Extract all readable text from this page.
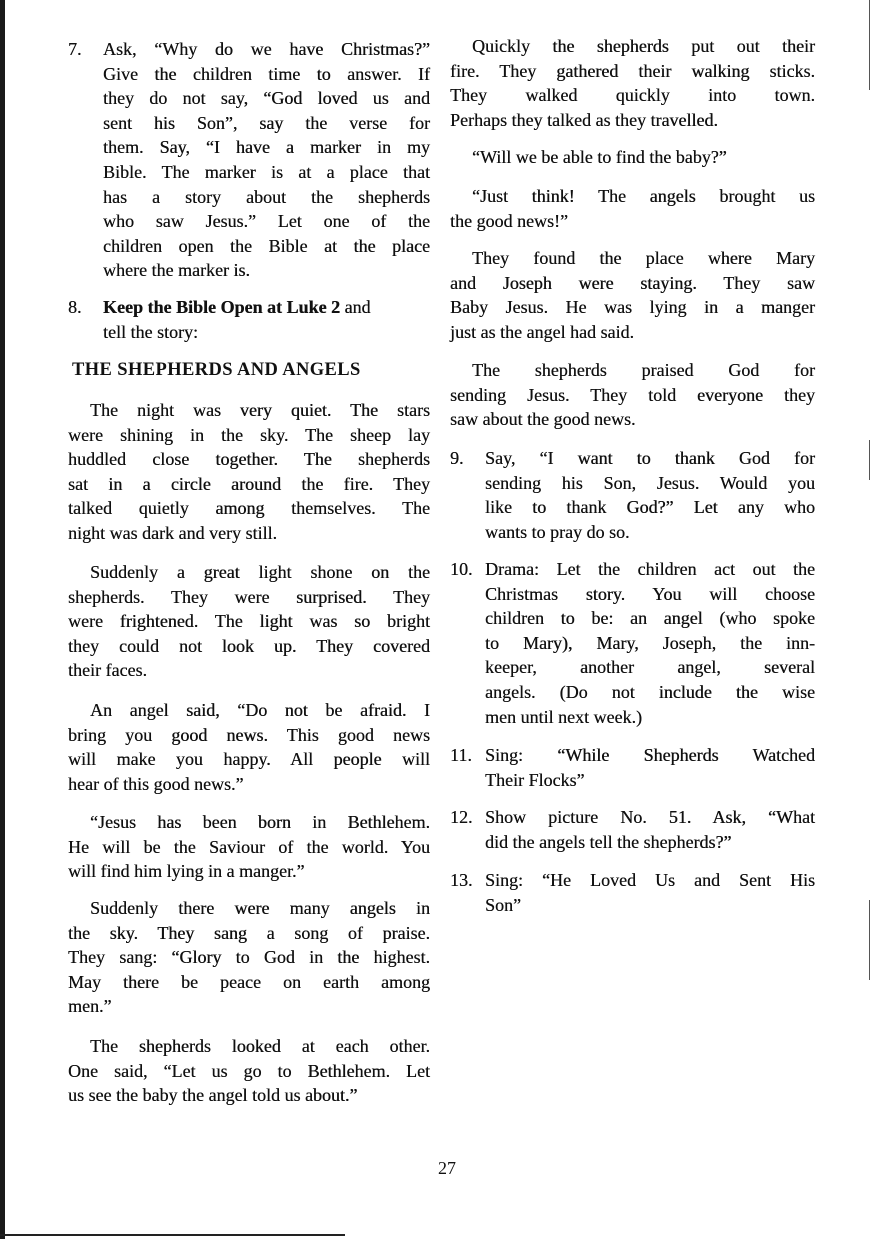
THE SHEPHERDS AND ANGELS
7. Ask, “Why do we have Christmas?”
Give the children time to answer. If
they do not say, “God loved us and
sent his Son”, say the verse for
them. Say, “I have a marker in my
Bible. The marker is at a place that
has a story about the shepherds
who saw Jesus.” Let one of the
children open the Bible at the place
where the marker is.
8. Keep the Bible Open at Luke 2 and
tell the story:
The night was very quiet. The stars
were shining in the sky. The sheep lay
huddled close together. The shepherds
sat in a circle around the fire. They
talked quietly among themselves. The
night was dark and very still.
Suddenly a great light shone on the
shepherds. They were surprised. They
were frightened. The light was so bright
they could not look up. They covered
their faces.
An angel said, “Do not be afraid. I
bring you good news. This good news
will make you happy. All people will
hear of this good news.”
“Jesus has been born in Bethlehem.
He will be the Saviour of the world. You
will find him lying in a manger.”
Suddenly there were many angels in
the sky. They sang a song of praise.
They sang: “Glory to God in the highest.
May there be peace on earth among
men.”
The shepherds looked at each other.
One said, “Let us go to Bethlehem. Let
us see the baby the angel told us about.”
Quickly the shepherds put out their
fire. They gathered their walking sticks.
They walked quickly into town.
Perhaps they talked as they travelled.
“Will we be able to find the baby?”
“Just think! The angels brought us
the good news!”
They found the place where Mary
and Joseph were staying. They saw
Baby Jesus. He was lying in a manger
just as the angel had said.
The shepherds praised God for
sending Jesus. They told everyone they
saw about the good news.
9. Say, “I want to thank God for
sending his Son, Jesus. Would you
like to thank God?” Let any who
wants to pray do so.
10. Drama: Let the children act out the
Christmas story. You will choose
children to be: an angel (who spoke
to Mary), Mary, Joseph, the inn-
keeper, another angel, several
angels. (Do not include the wise
men until next week.)
11. Sing: “While Shepherds Watched
Their Flocks”
12. Show picture No. 51. Ask, “What
did the angels tell the shepherds?”
13. Sing: “He Loved Us and Sent His
Son”
27
